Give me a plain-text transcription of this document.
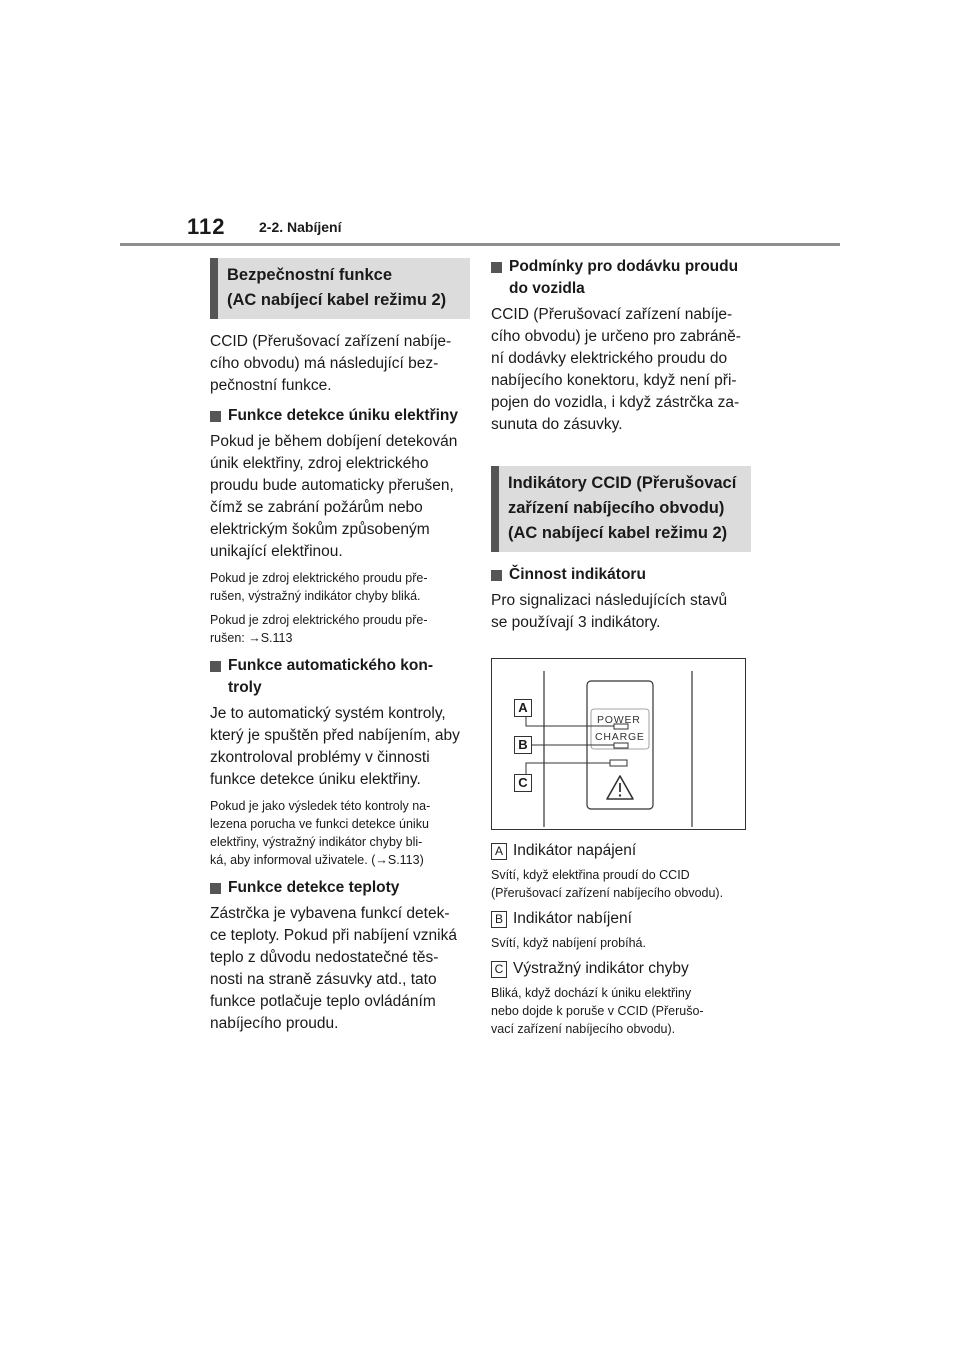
112 2-2. Nabíjení
Bezpečnostní funkce
(AC nabíjecí kabel režimu 2)
CCID (Přerušovací zařízení nabíje-
cího obvodu) má následující bez-
pečnostní funkce.
Funkce detekce úniku elektřiny
Pokud je během dobíjení detekován
únik elektřiny, zdroj elektrického
proudu bude automaticky přerušen,
čímž se zabrání požárům nebo
elektrickým šokům způsobeným
unikající elektřinou.
Pokud je zdroj elektrického proudu pře-
rušen, výstražný indikátor chyby bliká.
Pokud je zdroj elektrického proudu pře-
rušen: →S.113
Funkce automatického kon-
troly
Je to automatický systém kontroly,
který je spuštěn před nabíjením, aby
zkontroloval problémy v činnosti
funkce detekce úniku elektřiny.
Pokud je jako výsledek této kontroly na-
lezena porucha ve funkci detekce úniku
elektřiny, výstražný indikátor chyby bli-
ká, aby informoval uživatele. (→S.113)
Funkce detekce teploty
Zástrčka je vybavena funkcí detek-
ce teploty. Pokud při nabíjení vzniká
teplo z důvodu nedostatečné těs-
nosti na straně zásuvky atd., tato
funkce potlačuje teplo ovládáním
nabíjecího proudu.
Podmínky pro dodávku proudu
do vozidla
CCID (Přerušovací zařízení nabíje-
cího obvodu) je určeno pro zabráně-
ní dodávky elektrického proudu do
nabíjecího konektoru, když není při-
pojen do vozidla, i když zástrčka za-
sunuta do zásuvky.
Indikátory CCID (Přerušovací
zařízení nabíjecího obvodu)
(AC nabíjecí kabel režimu 2)
Činnost indikátoru
Pro signalizaci následujících stavů
se používají 3 indikátory.
A
B
C
POWER
CHARGE
A Indikátor napájení
Svítí, když elektřina proudí do CCID
(Přerušovací zařízení nabíjecího obvodu).
B Indikátor nabíjení
Svítí, když nabíjení probíhá.
C Výstražný indikátor chyby
Bliká, když dochází k úniku elektřiny
nebo dojde k poruše v CCID (Přerušo-
vací zařízení nabíjecího obvodu).
